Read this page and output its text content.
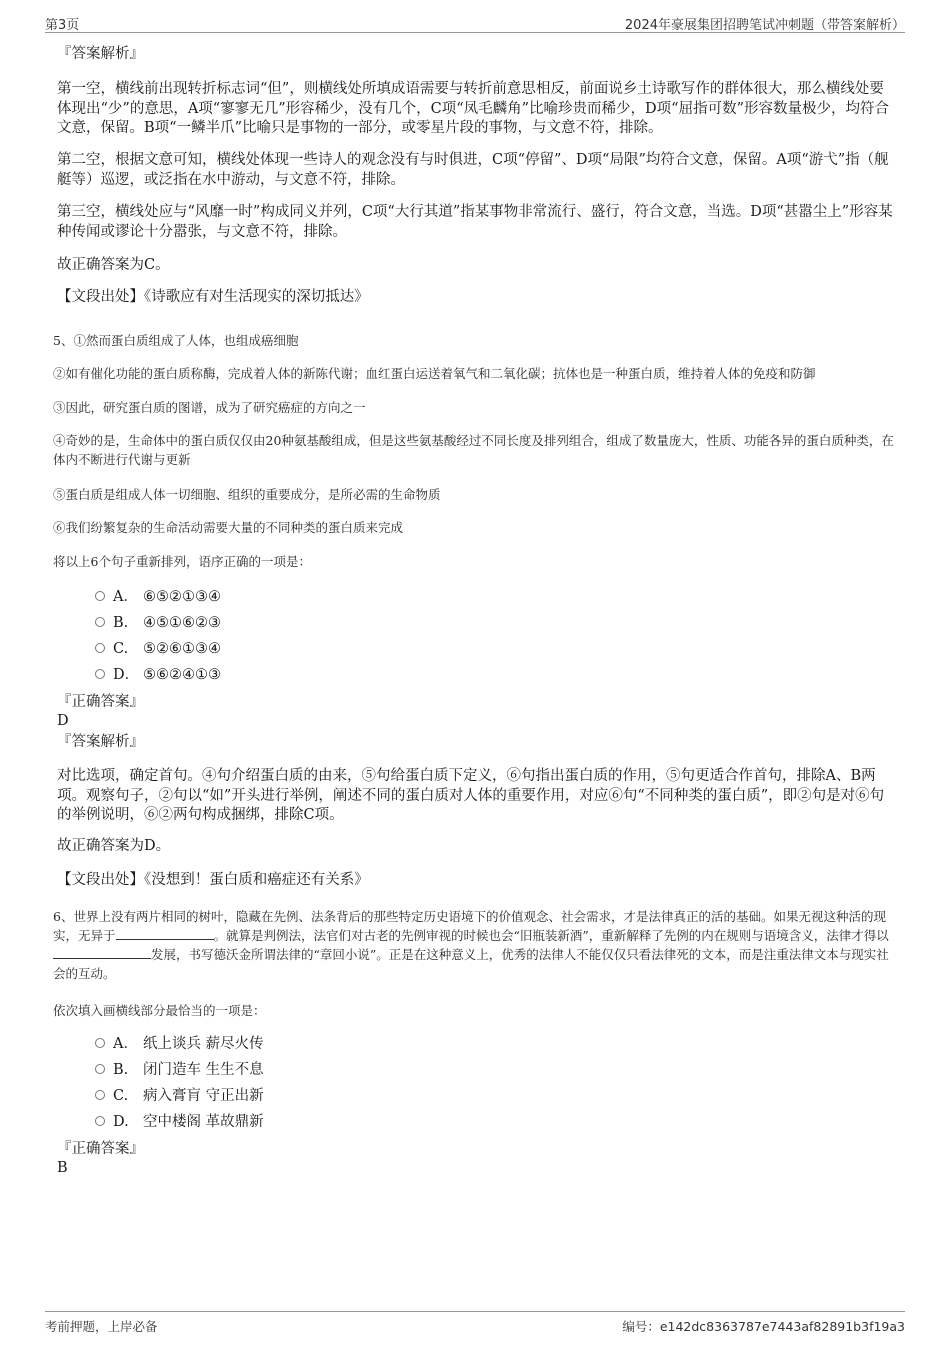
第3页	2024年豪展集团招聘笔试冲刺题（带答案解析）

『答案解析』

第一空，横线前出现转折标志词“但”，则横线处所填成语需要与转折前意思相反，前面说乡土诗歌写作的群体很大，那么横线处要体现出“少”的意思，A项“寥寥无几”形容稀少，没有几个，C项“凤毛麟角”比喻珍贵而稀少，D项“屈指可数”形容数量极少，均符合文意，保留。B项“一鳞半爪”比喻只是事物的一部分，或零星片段的事物，与文意不符，排除。

第二空，根据文意可知，横线处体现一些诗人的观念没有与时俱进，C项“停留”、D项“局限”均符合文意，保留。A项“游弋”指（舰艇等）巡逻，或泛指在水中游动，与文意不符，排除。

第三空，横线处应与“风靡一时”构成同义并列，C项“大行其道”指某事物非常流行、盛行，符合文意，当选。D项“甚嚣尘上”形容某种传闻或谬论十分嚣张，与文意不符，排除。

故正确答案为C。

【文段出处】《诗歌应有对生活现实的深切抵达》

5、①然而蛋白质组成了人体，也组成癌细胞

②如有催化功能的蛋白质称酶，完成着人体的新陈代谢；血红蛋白运送着氧气和二氧化碳；抗体也是一种蛋白质，维持着人体的免疫和防御

③因此，研究蛋白质的图谱，成为了研究癌症的方向之一

④奇妙的是，生命体中的蛋白质仅仅由20种氨基酸组成，但是这些氨基酸经过不同长度及排列组合，组成了数量庞大，性质、功能各异的蛋白质种类，在体内不断进行代谢与更新

⑤蛋白质是组成人体一切细胞、组织的重要成分，是所必需的生命物质

⑥我们纷繁复杂的生命活动需要大量的不同种类的蛋白质来完成

将以上6个句子重新排列，语序正确的一项是：

A． ⑥⑤②①③④
B. ④⑤①⑥②③
C. ⑤②⑥①③④
D． ⑤⑥②④①③

『正确答案』

D

『答案解析』

对比选项，确定首句。④句介绍蛋白质的由来，⑤句给蛋白质下定义，⑥句指出蛋白质的作用，⑤句更适合作首句，排除A、B两项。观察句子，②句以“如”开头进行举例，阐述不同的蛋白质对人体的重要作用，对应⑥句“不同种类的蛋白质”，即②句是对⑥句的举例说明，⑥②两句构成捆绑，排除C项。

故正确答案为D。

【文段出处】《没想到！蛋白质和癌症还有关系》

6、世界上没有两片相同的树叶，隐藏在先例、法条背后的那些特定历史语境下的价值观念、社会需求，才是法律真正的活的基础。如果无视这种活的现实，无异于	。就算是判例法，法官们对古老的先例审视的时候也会“旧瓶装新酒”，重新解释了先例的内在规则与语境含义，法律才得以发展，书写德沃金所谓法律的“章回小说”。正是在这种意义上，优秀的法律人不能仅仅只看法律死的文本，而是注重法律文本与现实社会的互动。

依次填入画横线部分最恰当的一项是：

A． 纸上谈兵 薪尽火传
B. 闭门造车 生生不息
C. 病入膏肓 守正出新
D. 空中楼阁 革故鼎新

『正确答案』

B

考前押题，上岸必备	编号：e142dc8363787e7443af82891b3f19a3
